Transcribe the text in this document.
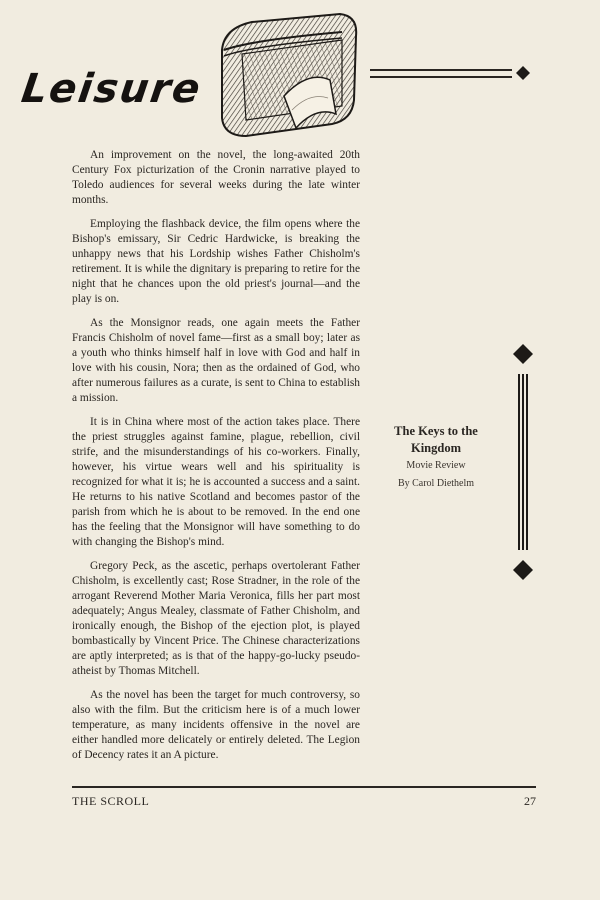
Leisure

An improvement on the novel, the long-awaited 20th Century Fox picturization of the Cronin narrative played to Toledo audiences for several weeks during the late winter months.

Employing the flashback device, the film opens where the Bishop's emissary, Sir Cedric Hardwicke, is breaking the unhappy news that his Lordship wishes Father Chisholm's retirement. It is while the dignitary is preparing to retire for the night that he chances upon the old priest's journal—and the play is on.

As the Monsignor reads, one again meets the Father Francis Chisholm of novel fame—first as a small boy; later as a youth who thinks himself half in love with God and half in love with his cousin, Nora; then as the ordained of God, who after numerous failures as a curate, is sent to China to establish a mission.

It is in China where most of the action takes place. There the priest struggles against famine, plague, rebellion, civil strife, and the misunderstandings of his co-workers. Finally, however, his virtue wears well and his spirituality is recognized for what it is; he is accounted a success and a saint. He returns to his native Scotland and becomes pastor of the parish from which he is about to be removed. In the end one has the feeling that the Monsignor will have something to do with changing the Bishop's mind.

Gregory Peck, as the ascetic, perhaps overtolerant Father Chisholm, is excellently cast; Rose Stradner, in the role of the arrogant Reverend Mother Maria Veronica, fills her part most adequately; Angus Mealey, classmate of Father Chisholm, and ironically enough, the Bishop of the ejection plot, is played bombastically by Vincent Price. The Chinese characterizations are aptly interpreted; as is that of the happy-go-lucky pseudo-atheist by Thomas Mitchell.

As the novel has been the target for much controversy, so also with the film. But the criticism here is of a much lower temperature, as many incidents offensive in the novel are either handled more delicately or entirely deleted. The Legion of Decency rates it an A picture.

The Keys to the Kingdom
Movie Review
By Carol Diethelm
THE SCROLL	27
